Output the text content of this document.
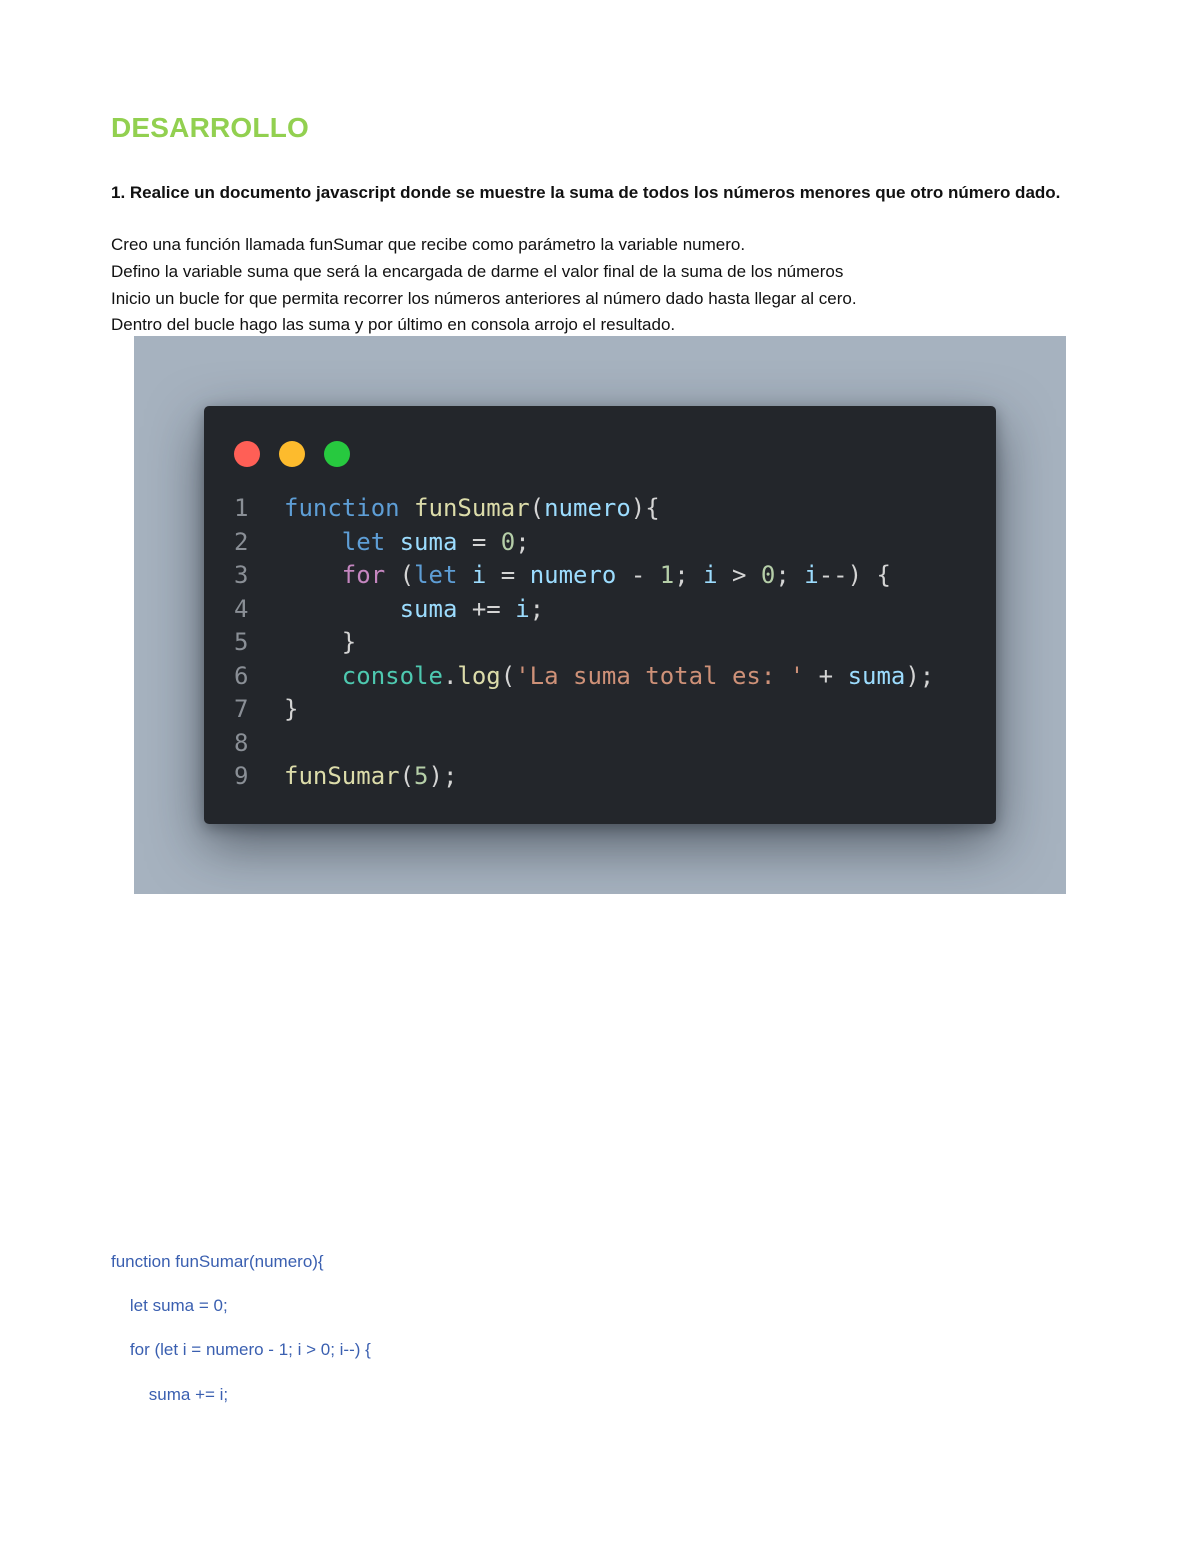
DESARROLLO
1. Realice un documento javascript donde se muestre la suma de todos los números menores que otro número dado.
Creo una función llamada funSumar que recibe como parámetro la variable numero.
Defino la variable suma que será la encargada de darme el valor final de la suma de los números
Inicio un bucle for que permita recorrer los números anteriores al número dado hasta llegar al cero.
Dentro del bucle hago las suma y por último en consola arrojo el resultado.
1 function funSumar(numero){
2	let suma = 0;
3	for (let i = numero - 1; i > 0; i--) {
4	suma += i;
5	}
6	console.log('La suma total es: ' + suma);
7 }
8
9 funSumar(5);
function funSumar(numero){
let suma = 0;
for (let i = numero - 1; i > 0; i--) {
suma += i;
